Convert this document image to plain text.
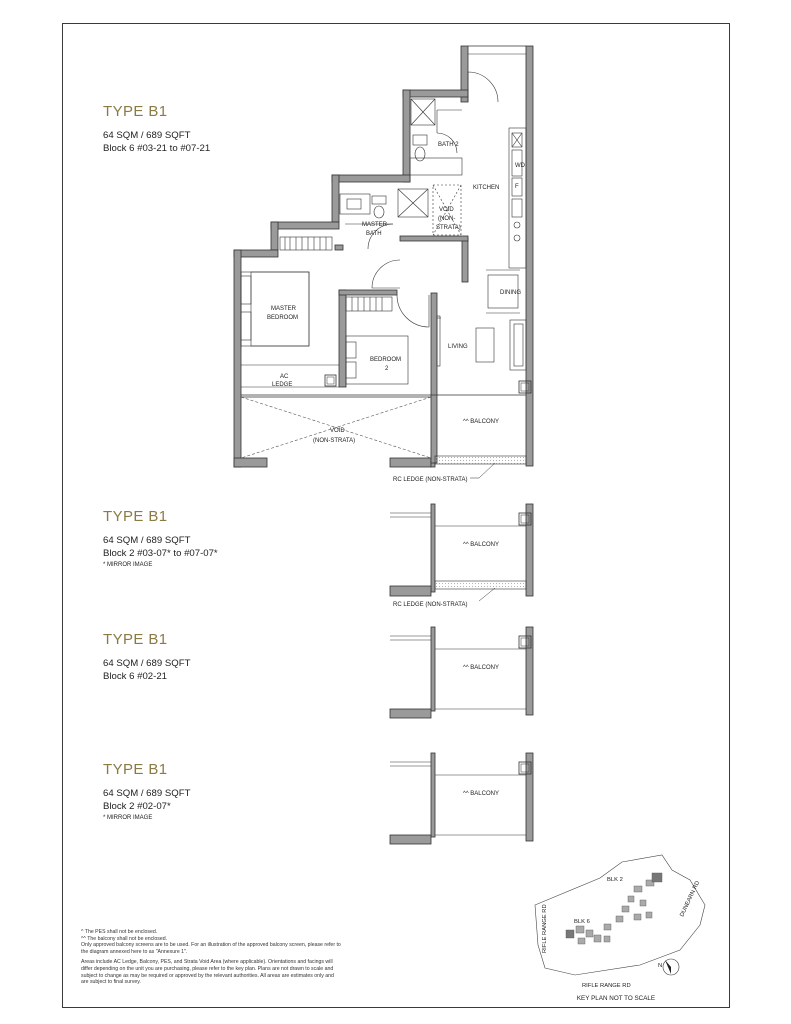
TYPE B1

64 SQM / 689 SQFT

Block 6 #03-21 to #07-21

TYPE B1

64 SQM / 689 SQFT

Block 2 #03-07* to #07-07*

* MIRROR IMAGE

TYPE B1

64 SQM / 689 SQFT

Block 6 #02-21

TYPE B1

64 SQM / 689 SQFT

Block 2 #02-07*

* MIRROR IMAGE

BATH 2
KITCHEN
WD
F
VOID
(NON-
STRATA)
MASTER
BATH
MASTER
BEDROOM
DINING
LIVING
BEDROOM
2
AC
LEDGE
VOID
(NON-STRATA)
^^ BALCONY
RC LEDGE (NON-STRATA)
^^ BALCONY
RC LEDGE (NON-STRATA)
^^ BALCONY
^^ BALCONY
BLK 2
BLK 6
RIFLE RANGE RD
DUNEARN RD
RIFLE RANGE RD
N
KEY PLAN NOT TO SCALE

^ The PES shall not be enclosed.

^^ The balcony shall not be enclosed.

Only approved balcony screens are to be used. For an illustration of the approved balcony screen, please refer to

the diagram annexed here to as "Annexure 1".

Areas include AC Ledge, Balcony, PES, and Strata Void Area (where applicable). Orientations and facings will

differ depending on the unit you are purchasing, please refer to the key plan. Plans are not drawn to scale and

subject to change as may be required or approved by the relevant authorities. All areas are estimates only and

are subject to final survey.
